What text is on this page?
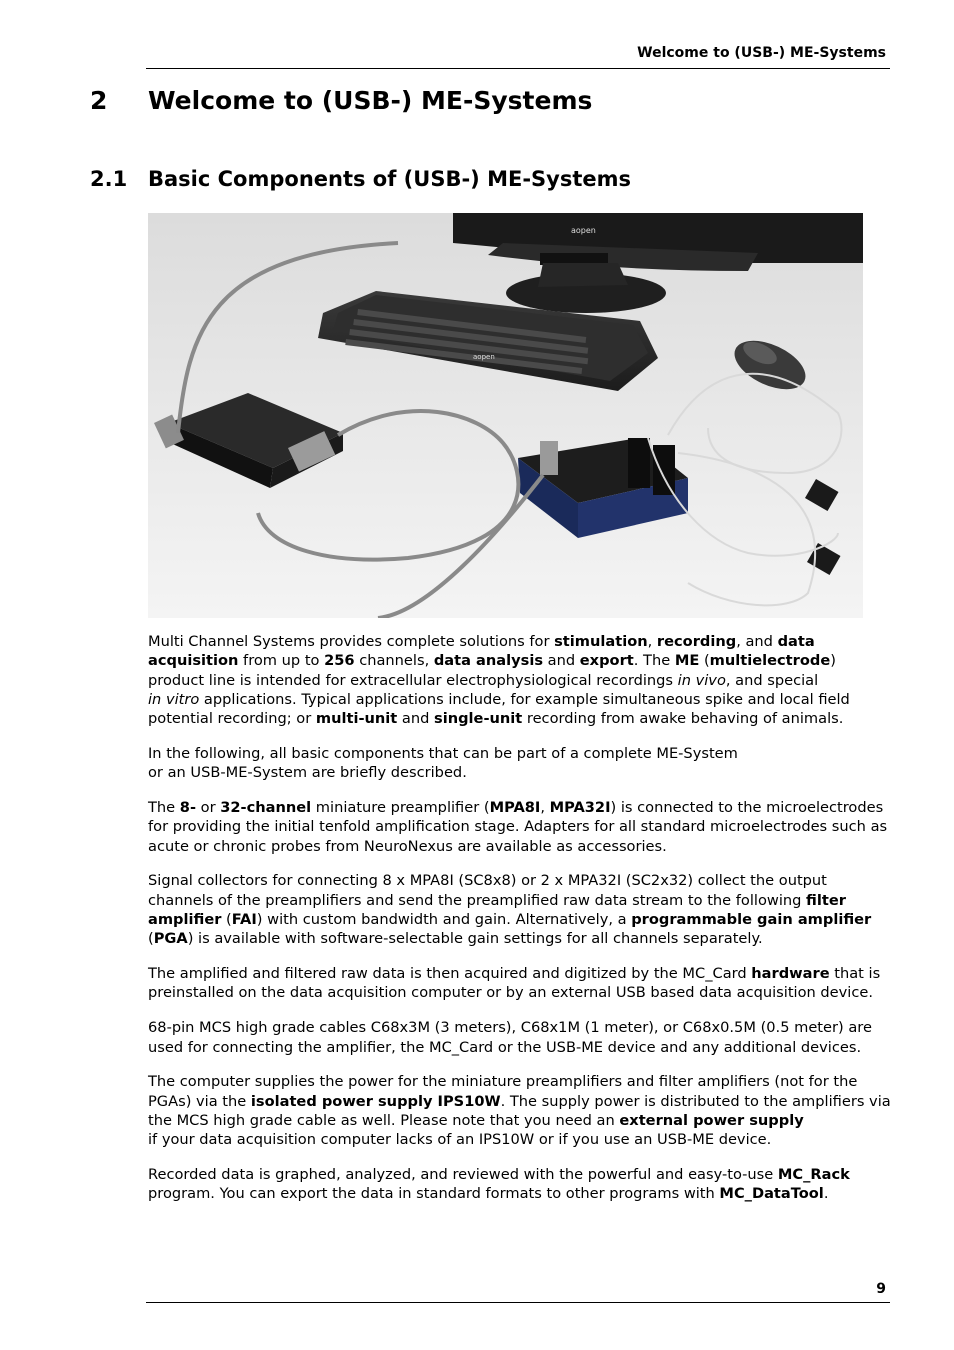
Welcome to (USB-) ME-Systems
2 Welcome to (USB-) ME-Systems
2.1 Basic Components of (USB-) ME-Systems
aopen
aopen

Multi Channel Systems provides complete solutions for stimulation, recording, and data acquisition from up to 256 channels, data analysis and export. The ME (multielectrode) product line is intended for extracellular electrophysiological recordings in vivo, and special
in vitro applications. Typical applications include, for example simultaneous spike and local field potential recording; or multi-unit and single-unit recording from awake behaving of animals.

In the following, all basic components that can be part of a complete ME-System
or an USB-ME-System are briefly described.

The 8- or 32-channel miniature preamplifier (MPA8I, MPA32I) is connected to the microelectrodes for providing the initial tenfold amplification stage. Adapters for all standard microelectrodes such as acute or chronic probes from NeuroNexus are available as accessories.

Signal collectors for connecting 8 x MPA8I (SC8x8) or 2 x MPA32I (SC2x32) collect the output channels of the preamplifiers and send the preamplified raw data stream to the following filter amplifier (FAI) with custom bandwidth and gain. Alternatively, a programmable gain amplifier (PGA) is available with software-selectable gain settings for all channels separately.

The amplified and filtered raw data is then acquired and digitized by the MC_Card hardware that is preinstalled on the data acquisition computer or by an external USB based data acquisition device.

68-pin MCS high grade cables C68x3M (3 meters), C68x1M (1 meter), or C68x0.5M (0.5 meter) are used for connecting the amplifier, the MC_Card or the USB-ME device and any additional devices.

The computer supplies the power for the miniature preamplifiers and filter amplifiers (not for the PGAs) via the isolated power supply IPS10W. The supply power is distributed to the amplifiers via the MCS high grade cable as well. Please note that you need an external power supply
if your data acquisition computer lacks of an IPS10W or if you use an USB-ME device.

Recorded data is graphed, analyzed, and reviewed with the powerful and easy-to-use MC_Rack
program. You can export the data in standard formats to other programs with MC_DataTool.

9
